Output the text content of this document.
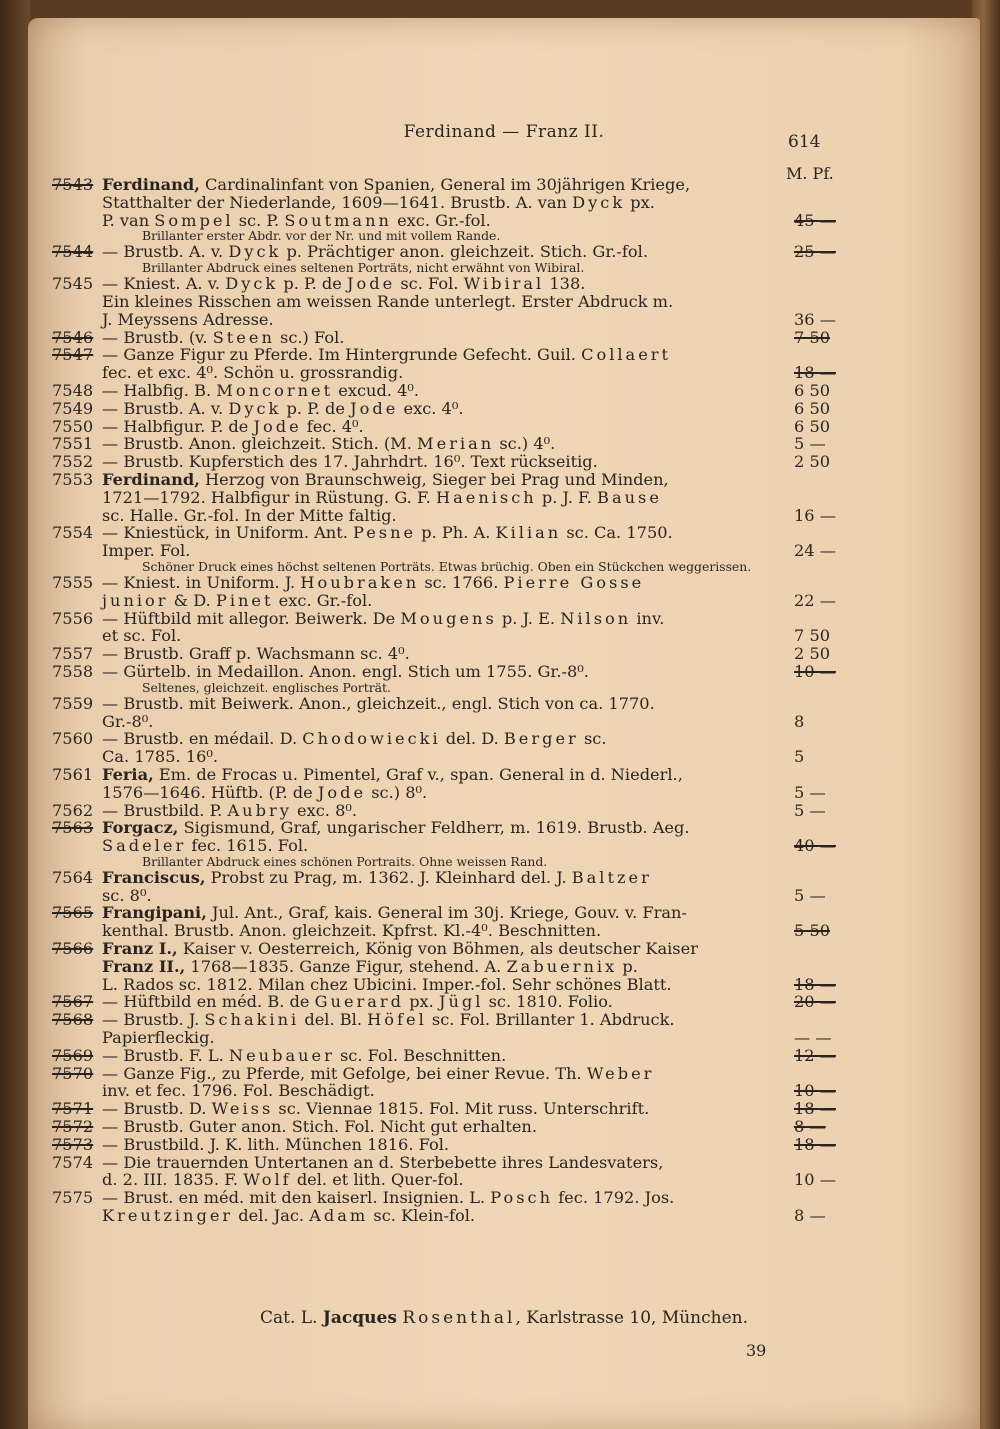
Ferdinand — Franz II.	614
M. Pf.
7543 Ferdinand, Cardinalinfant von Spanien, General im 30jährigen Kriege,
Statthalter der Niederlande, 1609—1641. Brustb. A. van Dyck px.
P. van Sompel sc. P. Soutmann exc. Gr.-fol.	45 —
Brillanter erster Abdr. vor der Nr. und mit vollem Rande.
7544 — Brustb. A. v. Dyck p. Prächtiger anon. gleichzeit. Stich. Gr.-fol.	25 —
Brillanter Abdruck eines seltenen Porträts, nicht erwähnt von Wibiral.
7545 — Kniest. A. v. Dyck p. P. de Jode sc. Fol. Wibiral 138.
Ein kleines Risschen am weissen Rande unterlegt. Erster Abdruck m.
J. Meyssens Adresse.	36 —
7546 — Brustb. (v. Steen sc.) Fol.	7 50
7547 — Ganze Figur zu Pferde. Im Hintergrunde Gefecht. Guil. Collaert
fec. et exc. 4⁰. Schön u. grossrandig.	18 —
7548 — Halbfig. B. Moncornet excud. 4⁰.	6 50
7549 — Brustb. A. v. Dyck p. P. de Jode exc. 4⁰.	6 50
7550 — Halbfigur. P. de Jode fec. 4⁰.	6 50
7551 — Brustb. Anon. gleichzeit. Stich. (M. Merian sc.) 4⁰.	5 —
7552 — Brustb. Kupferstich des 17. Jahrhdrt. 16⁰. Text rückseitig.	2 50
7553 Ferdinand, Herzog von Braunschweig, Sieger bei Prag und Minden,
1721—1792. Halbfigur in Rüstung. G. F. Haenisch p. J. F. Bause
sc. Halle. Gr.-fol. In der Mitte faltig.	16 —
7554 — Kniestück, in Uniform. Ant. Pesne p. Ph. A. Kilian sc. Ca. 1750.
Imper. Fol.	24 —
Schöner Druck eines höchst seltenen Porträts. Etwas brüchig. Oben ein Stückchen weggerissen.
7555 — Kniest. in Uniform. J. Houbraken sc. 1766. Pierre Gosse
junior & D. Pinet exc. Gr.-fol.	22 —
7556 — Hüftbild mit allegor. Beiwerk. De Mougens p. J. E. Nilson inv.
et sc. Fol.	7 50
7557 — Brustb. Graff p. Wachsmann sc. 4⁰.	2 50
7558 — Gürtelb. in Medaillon. Anon. engl. Stich um 1755. Gr.-8⁰.	10 —
Seltenes, gleichzeit. englisches Porträt.
7559 — Brustb. mit Beiwerk. Anon., gleichzeit., engl. Stich von ca. 1770.
Gr.-8⁰.	8
7560 — Brustb. en médail. D. Chodowiecki del. D. Berger sc.
Ca. 1785. 16⁰.	5
7561 Feria, Em. de Frocas u. Pimentel, Graf v., span. General in d. Niederl.,
1576—1646. Hüftb. (P. de Jode sc.) 8⁰.	5 —
7562 — Brustbild. P. Aubry exc. 8⁰.	5 —
7563 Forgacz, Sigismund, Graf, ungarischer Feldherr, m. 1619. Brustb. Aeg.
Sadeler fec. 1615. Fol.	40 —
Brillanter Abdruck eines schönen Portraits. Ohne weissen Rand.
7564 Franciscus, Probst zu Prag, m. 1362. J. Kleinhard del. J. Baltzer
sc. 8⁰.	5 —
7565 Frangipani, Jul. Ant., Graf, kais. General im 30j. Kriege, Gouv. v. Fran-
kenthal. Brustb. Anon. gleichzeit. Kpfrst. Kl.-4⁰. Beschnitten.	5 50
7566 Franz I., Kaiser v. Oesterreich, König von Böhmen, als deutscher Kaiser
Franz II., 1768—1835. Ganze Figur, stehend. A. Zabuernix p.
L. Rados sc. 1812. Milan chez Ubicini. Imper.-fol. Sehr schönes Blatt.	18 —
7567 — Hüftbild en méd. B. de Guerard px. Jügl sc. 1810. Folio.	20 —
7568 — Brustb. J. Schakini del. Bl. Höfel sc. Fol. Brillanter 1. Abdruck.
Papierfleckig.	— —
7569 — Brustb. F. L. Neubauer sc. Fol. Beschnitten.	12 —
7570 — Ganze Fig., zu Pferde, mit Gefolge, bei einer Revue. Th. Weber
inv. et fec. 1796. Fol. Beschädigt.	10 —
7571 — Brustb. D. Weiss sc. Viennae 1815. Fol. Mit russ. Unterschrift.	18 —
7572 — Brustb. Guter anon. Stich. Fol. Nicht gut erhalten.	8 —
7573 — Brustbild. J. K. lith. München 1816. Fol.	18 —
7574 — Die trauernden Untertanen an d. Sterbebette ihres Landesvaters,
d. 2. III. 1835. F. Wolf del. et lith. Quer-fol.	10 —
7575 — Brust. en méd. mit den kaiserl. Insignien. L. Posch fec. 1792. Jos.
Kreutzinger del. Jac. Adam sc. Klein-fol.	8 —
Cat. L. Jacques Rosenthal, Karlstrasse 10, München.
39
